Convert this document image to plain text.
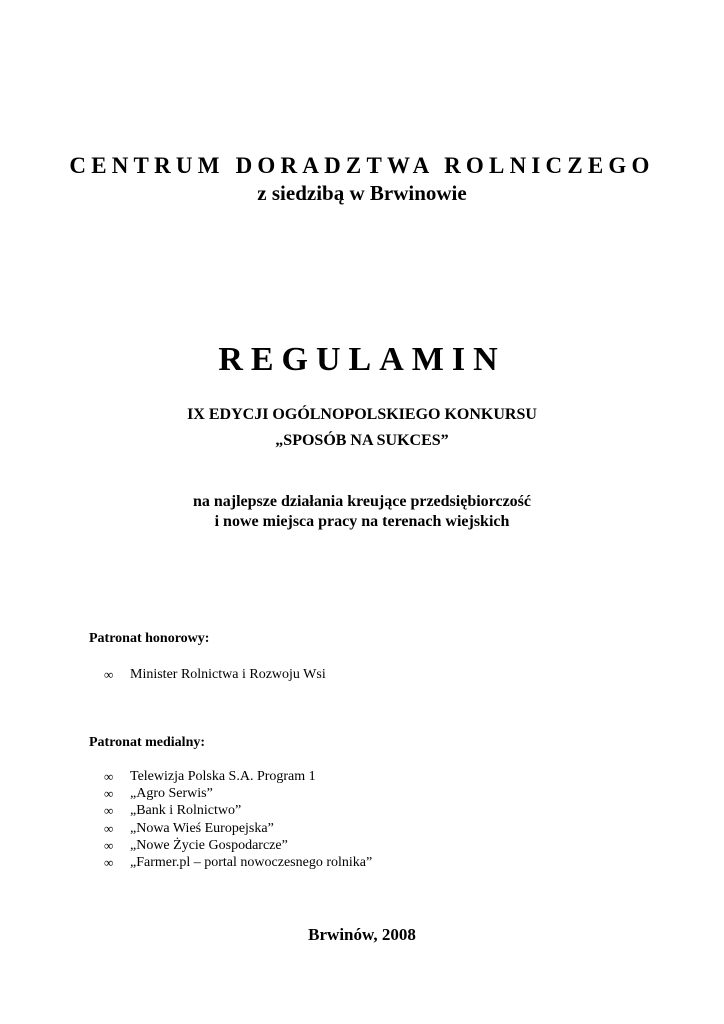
CENTRUM DORADZTWA ROLNICZEGO
z siedzibą w Brwinowie
REGULAMIN

IX EDYCJI OGÓLNOPOLSKIEGO KONKURSU

„SPOSÓB NA SUKCES”

na najlepsze działania kreujące przedsiębiorczość

i nowe miejsca pracy na terenach wiejskich

Patronat honorowy:

∞	Minister Rolnictwa i Rozwoju Wsi

Patronat medialny:

∞	Telewizja Polska S.A. Program 1
∞	„Agro Serwis”
∞	„Bank i Rolnictwo”
∞	„Nowa Wieś Europejska”
∞	„Nowe Życie Gospodarcze”
∞	„Farmer.pl – portal nowoczesnego rolnika”

Brwinów, 2008
